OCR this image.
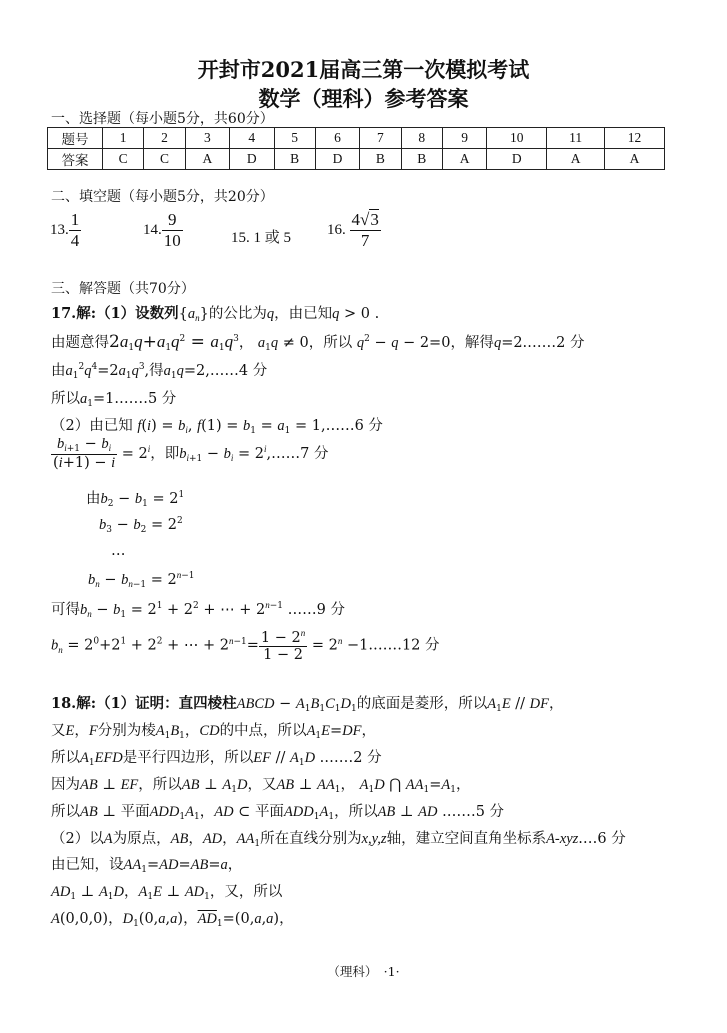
开封市2021届高三第一次模拟考试
数学（理科）参考答案
一、选择题（每小题5分，共60分）
题号	1	2	3	4	5	6	7	8	9	10	11	12
答案	C	C	A	D	B	D	B	B	A	D	A	A
二、填空题（每小题5分，共20分）
13. $\frac{1}{4}$	14. $\frac{9}{10}$	15. 1 或 5
16. $\frac{4√3}{7}$
三、解答题（共70分）
17.解:（1）设数列$\{a_n\}$的公比为q，由已知q > 0 .
由题意得$2a_1q+a_1q^2 = a_1q^3$， $a_1q \ne 0$，所以 $q^2 - q - 2=0$，解得q=2.……2 分
由$a_1^2q^4=2a_1q^3$,得$a_1q=2,\dots\dots 4$ 分
所以$a_1=1.\dots\dots 5$ 分
（2）由已知 $f(i) = b_i$, $f(1) = b_1 = a_1$ = 1,……6 分
$\frac{b_{i+1} - b_i}{(i+1) - i} = 2^i$，即$b_{i+1} - b_i$ = $2^i,\dots\dots 7$ 分
由$b_2 - b_1 = 2^1$
$b_3 - b_2 = 2^2$
…
$b_n - b_{n-1} = 2^{n-1}$
可得$b_n - b_1 = 2^1 + 2^2$ + ⋯ + $2^{n-1}$ ……9 分
$b_n = 2^0+2^1 + 2^2$ + ⋯ + $2^{n-1}= \frac{1 - 2^n}{1 - 2} = 2^n$ −1.……12 分
18.解:（1）证明：直四棱柱ABCD − $A_1B_1C_1D_1$的底面是菱形，所以$A_1E$ // DF，
又E，F分别为棱$A_1B_1$，CD的中点，所以$A_1E=DF$，
所以$A_1EFD$是平行四边形，所以EF // $A_1D$ .……2 分
因为AB ⊥ EF，所以AB ⊥ $A_1D$，又AB ⊥ $AA_1$， $A_1D$ ⋂ $AA_1=A_1$，
所以AB ⊥ 平面$ADD_1A_1$，AD ⊂ 平面$ADD_1A_1$，所以AB ⊥ AD .……5 分
（2）以A为原点，AB，AD，$AA_1$所在直线分别为x,y,z轴，建立空间直角坐标系A-xyz.…6 分
由已知，设$AA_1=AD=AB=a$，
$AD_1$ ⊥ $A_1D$，$A_1E$ ⊥ $AD_1$，又，所以
A(0,0,0)，$D_1(0,a,a)$，$\overline{AD}_1=(0,a,a)$，
（理科）　·1·
